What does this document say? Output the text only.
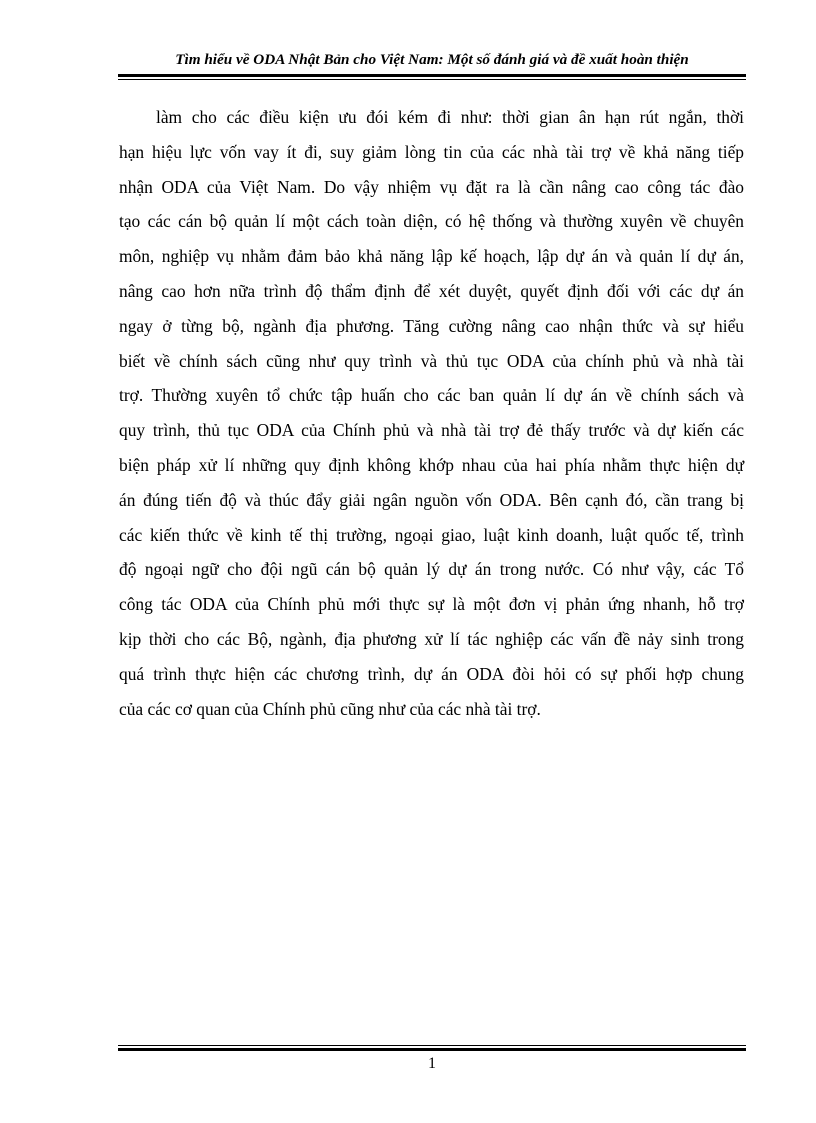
Tìm hiểu về ODA Nhật Bản cho Việt Nam: Một số đánh giá và đề xuất hoàn thiện
làm cho các điều kiện ưu đói kém đi như: thời gian ân hạn rút ngắn, thời
hạn hiệu lực vốn vay ít đi, suy giảm lòng tin của các nhà tài trợ về khả năng tiếp
nhận ODA của Việt Nam. Do vậy nhiệm vụ đặt ra là cần nâng cao công tác đào
tạo các cán bộ quản lí một cách toàn diện, có hệ thống và thường xuyên về chuyên
môn, nghiệp vụ nhằm đảm bảo khả năng lập kế hoạch, lập dự án và quản lí dự án,
nâng cao hơn nữa trình độ thẩm định để xét duyệt, quyết định đối với các dự án
ngay ở từng bộ, ngành địa phương. Tăng cường nâng cao nhận thức và sự hiểu
biết về chính sách cũng như quy trình và thủ tục ODA của chính phủ và nhà tài
trợ. Thường xuyên tổ chức tập huấn cho các ban quản lí dự án về chính sách và
quy trình, thủ tục ODA của Chính phủ và nhà tài trợ đẻ thấy trước và dự kiến các
biện pháp xử lí những quy định không khớp nhau của hai phía nhằm thực hiện dự
án đúng tiến độ và thúc đẩy giải ngân nguồn vốn ODA. Bên cạnh đó, cần trang bị
các kiến thức về kinh tế thị trường, ngoại giao, luật kinh doanh, luật quốc tế, trình
độ ngoại ngữ cho đội ngũ cán bộ quản lý dự án trong nước. Có như vậy, các Tổ
công tác ODA của Chính phủ mới thực sự là một đơn vị phản ứng nhanh, hỗ trợ
kịp thời cho các Bộ, ngành, địa phương xử lí tác nghiệp các vấn đề nảy sinh trong
quá trình thực hiện các chương trình, dự án ODA đòi hỏi có sự phối hợp chung
của các cơ quan của Chính phủ cũng như của các nhà tài trợ.
1
